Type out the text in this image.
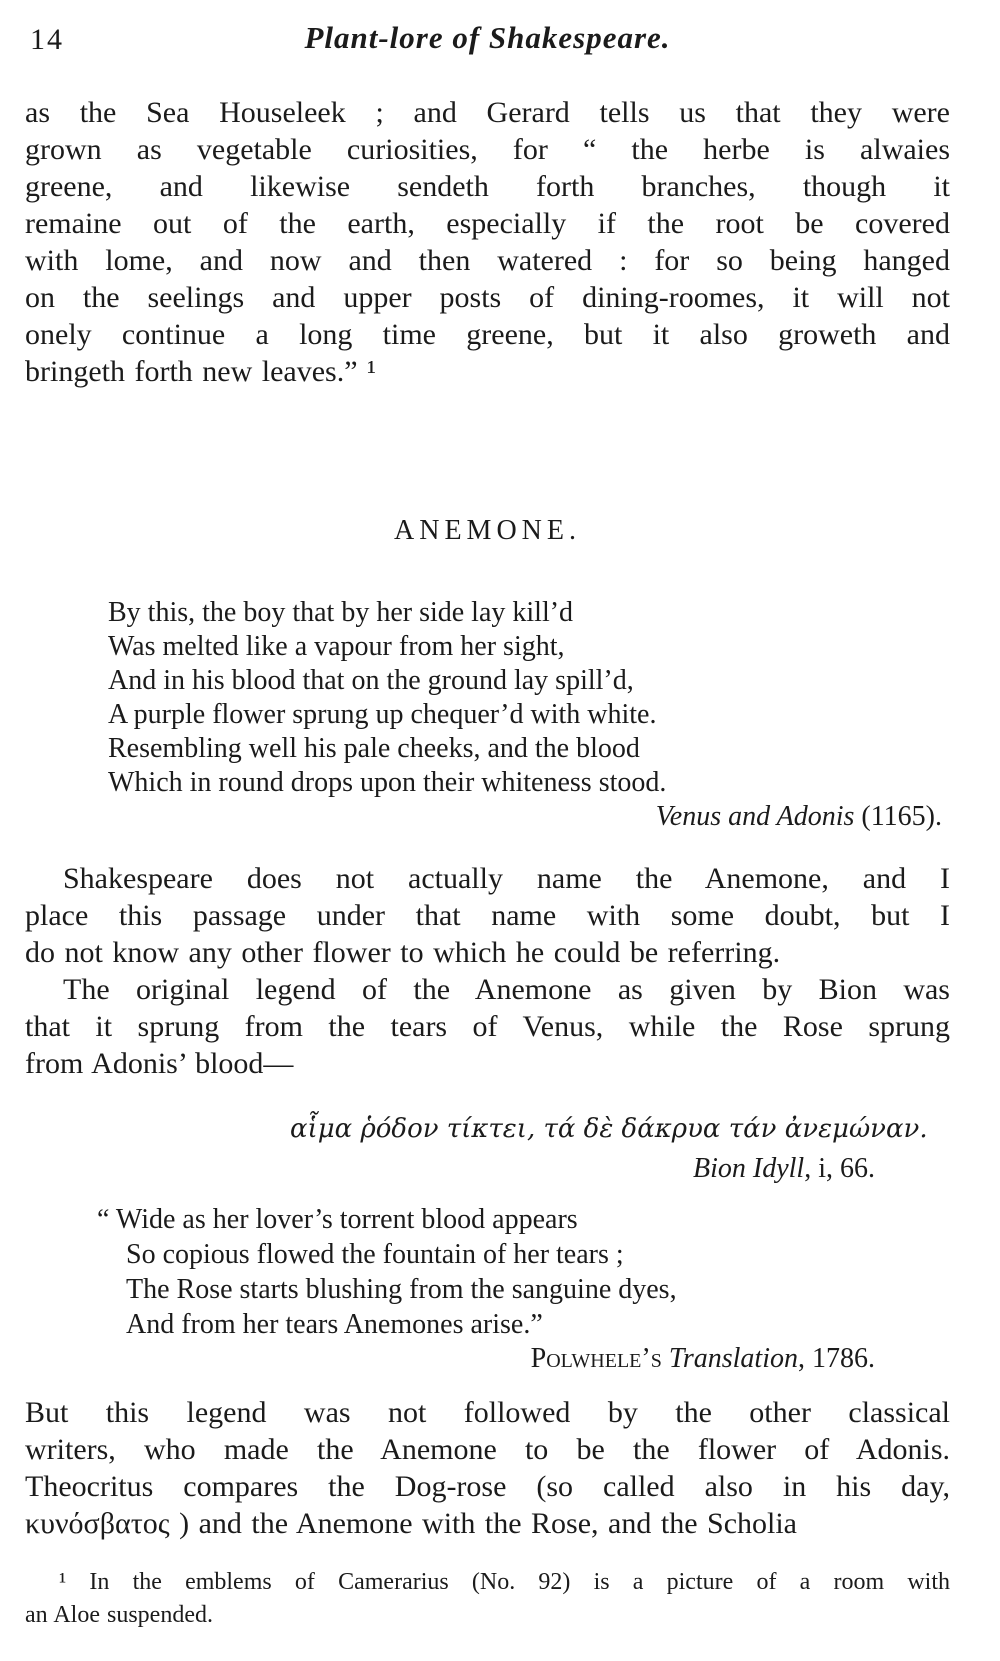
14	Plant-lore of Shakespeare.
as the Sea Houseleek ; and Gerard tells us that they were
grown as vegetable curiosities, for “ the herbe is alwaies
greene, and likewise sendeth forth branches, though it
remaine out of the earth, especially if the root be covered
with lome, and now and then watered : for so being hanged
on the seelings and upper posts of dining-roomes, it will not
onely continue a long time greene, but it also groweth and
bringeth forth new leaves.” ¹
ANEMONE.
By this, the boy that by her side lay kill’d
Was melted like a vapour from her sight,
And in his blood that on the ground lay spill’d,
A purple flower sprung up chequer’d with white.
Resembling well his pale cheeks, and the blood
Which in round drops upon their whiteness stood.
Venus and Adonis (1165).
Shakespeare does not actually name the Anemone, and I
place this passage under that name with some doubt, but I
do not know any other flower to which he could be referring.
The original legend of the Anemone as given by Bion was
that it sprung from the tears of Venus, while the Rose sprung
from Adonis’ blood—
αἷμα ῥόδον τίκτει, τά δὲ δάκρυα τάν ἀνεμώναν.
Bion Idyll, i, 66.
“ Wide as her lover’s torrent blood appears
So copious flowed the fountain of her tears ;
The Rose starts blushing from the sanguine dyes,
And from her tears Anemones arise.”
Polwhele’s Translation, 1786.
But this legend was not followed by the other classical
writers, who made the Anemone to be the flower of Adonis.
Theocritus compares the Dog-rose (so called also in his day,
κυνόσβατος ) and the Anemone with the Rose, and the Scholia
¹ In the emblems of Camerarius (No. 92) is a picture of a room with
an Aloe suspended.
